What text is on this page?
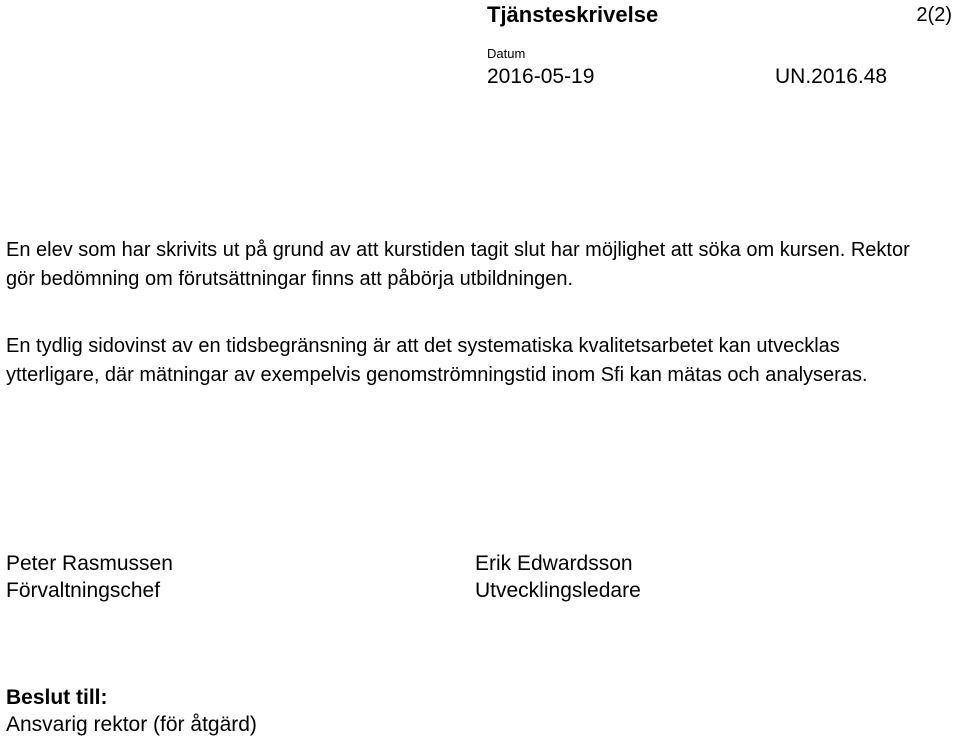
Tjänsteskrivelse	2(2)
Datum
2016-05-19	UN.2016.48
En elev som har skrivits ut på grund av att kurstiden tagit slut har möjlighet att söka om kursen. Rektor gör bedömning om förutsättningar finns att påbörja utbildningen.
En tydlig sidovinst av en tidsbegränsning är att det systematiska kvalitetsarbetet kan utvecklas ytterligare, där mätningar av exempelvis genomströmningstid inom Sfi kan mätas och analyseras.
Peter Rasmussen
Förvaltningschef
Erik Edwardsson
Utvecklingsledare
Beslut till:
Ansvarig rektor (för åtgärd)
